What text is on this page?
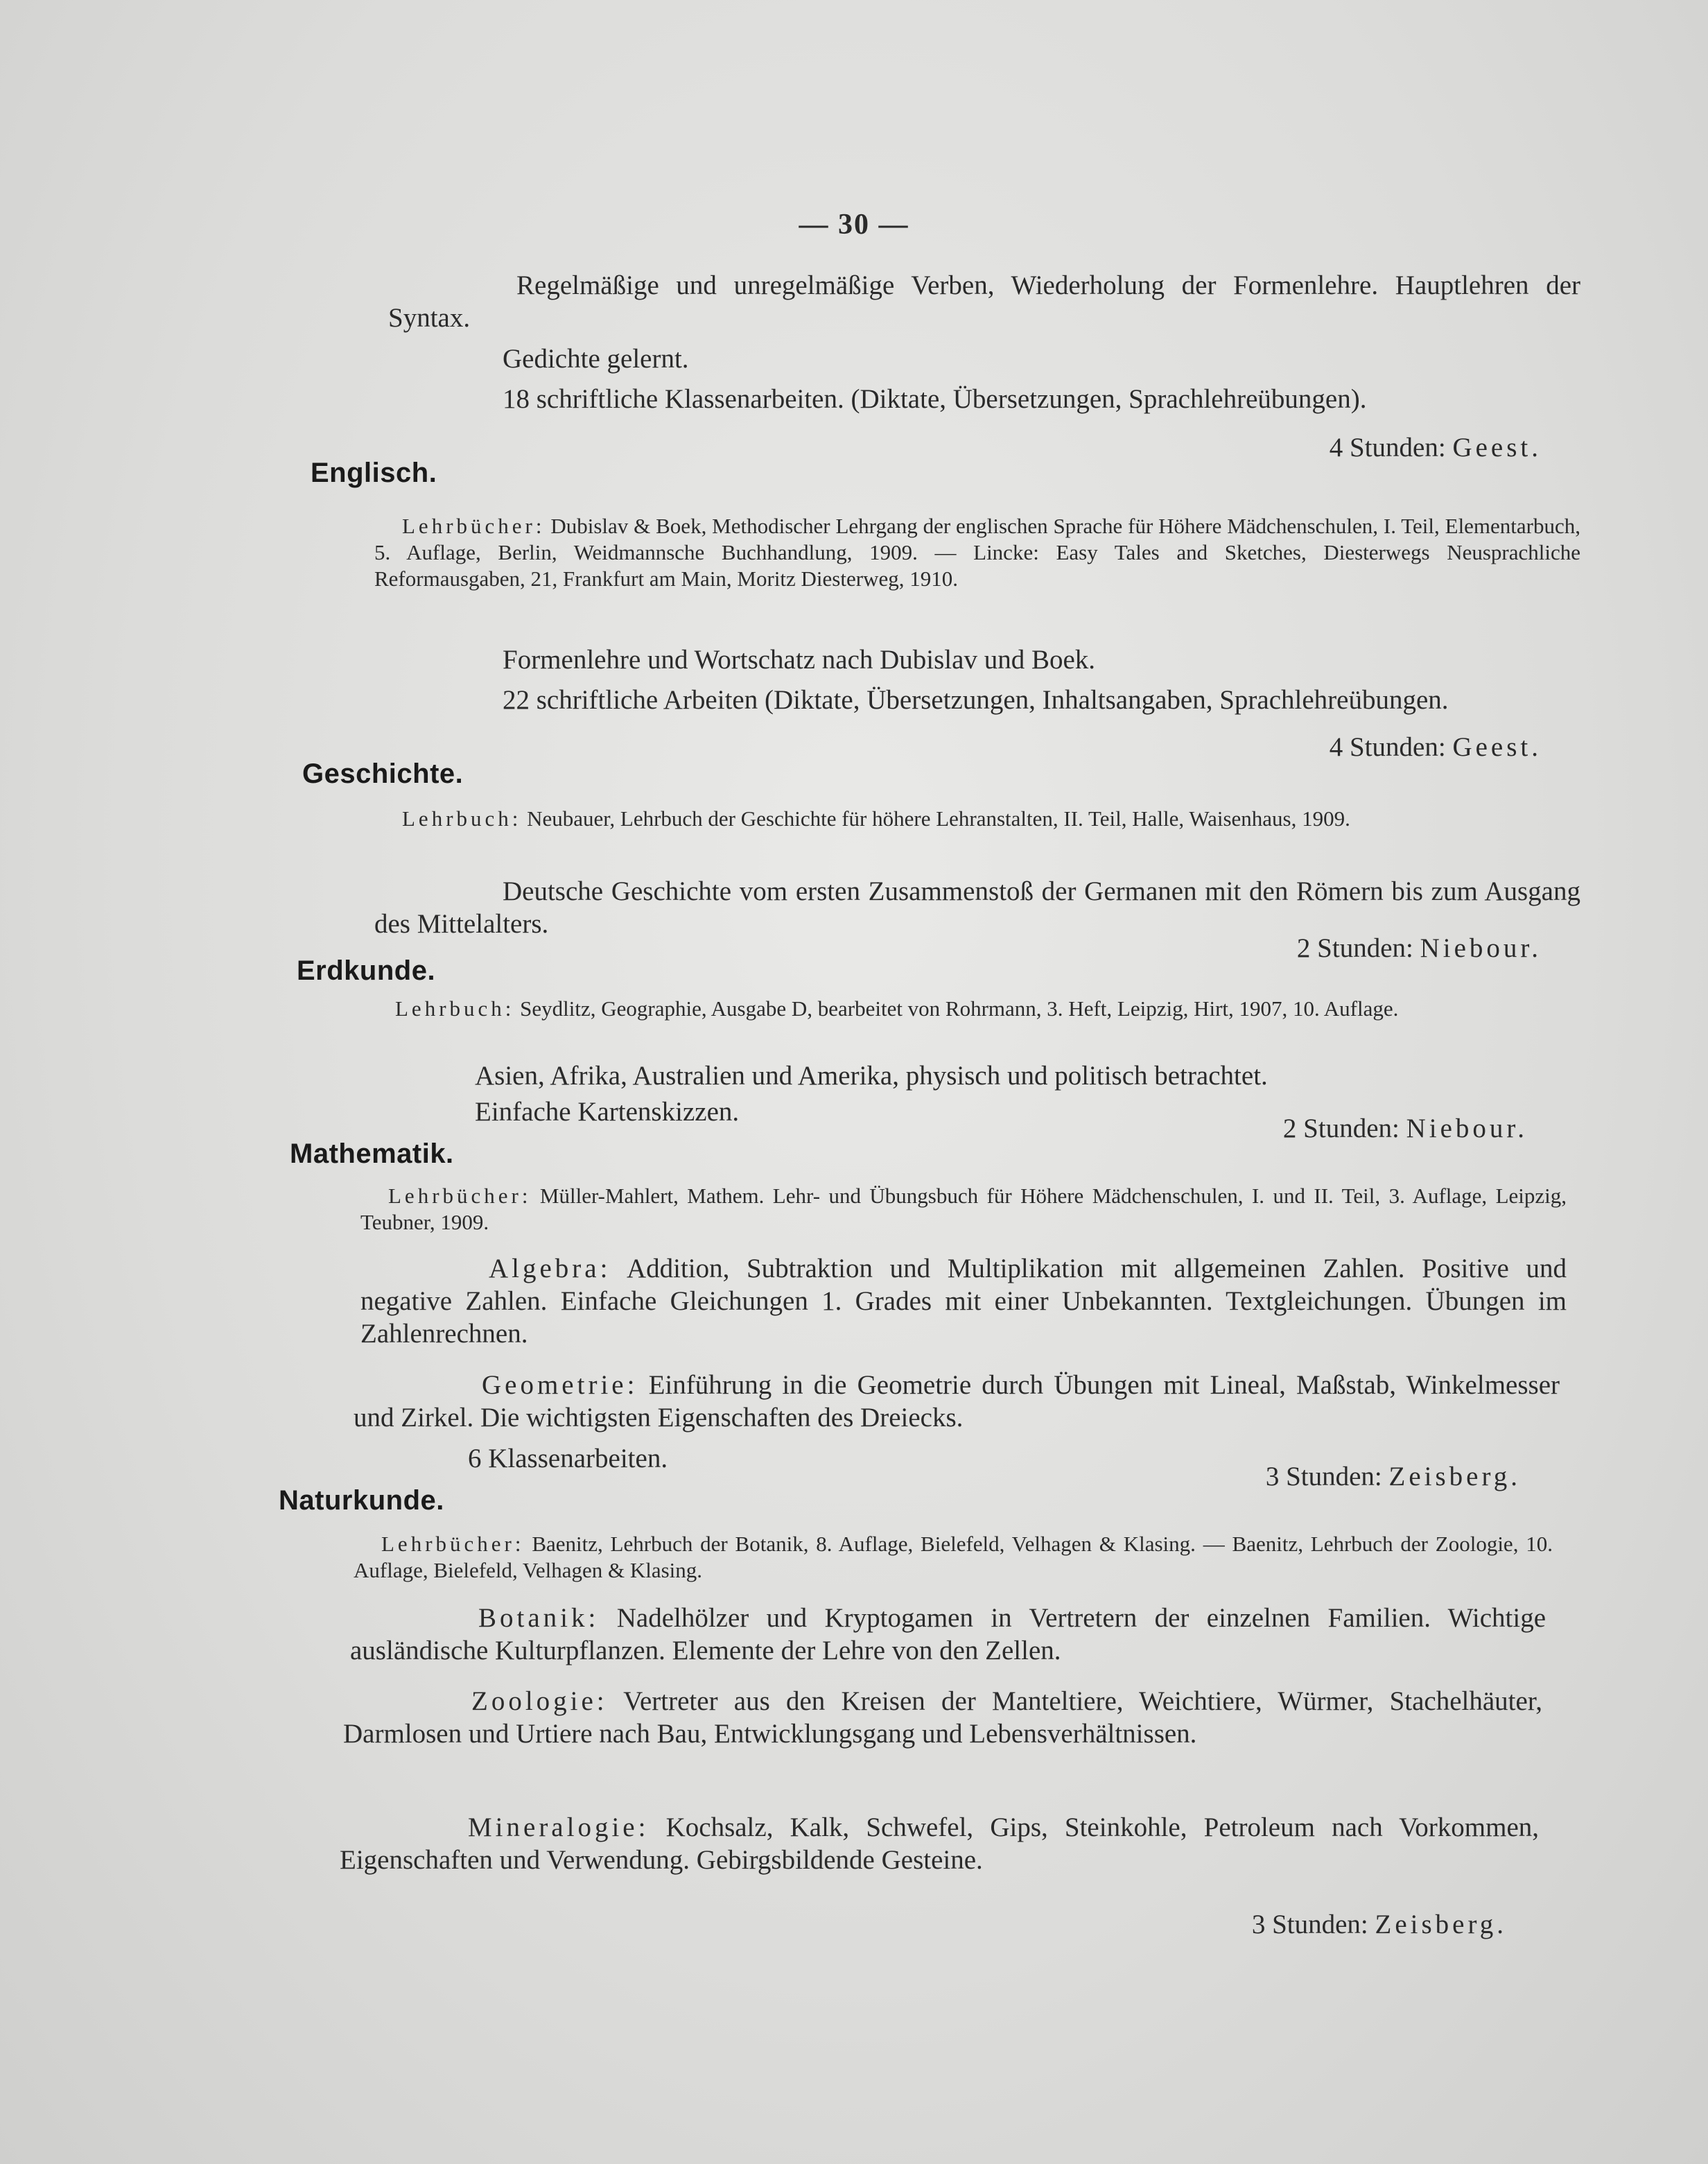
— 30 —
Regelmäßige und unregelmäßige Verben, Wiederholung der Formenlehre. Hauptlehren der Syntax.
Gedichte gelernt.
18 schriftliche Klassenarbeiten. (Diktate, Übersetzungen, Sprachlehreübungen).
4 Stunden: Geest.
Englisch.
Lehrbücher: Dubislav & Boek, Methodischer Lehrgang der englischen Sprache für Höhere Mädchenschulen, I. Teil, Elementarbuch, 5. Auflage, Berlin, Weidmannsche Buchhandlung, 1909. — Lincke: Easy Tales and Sketches, Diesterwegs Neusprachliche Reformausgaben, 21, Frankfurt am Main, Moritz Diesterweg, 1910.
Formenlehre und Wortschatz nach Dubislav und Boek.
22 schriftliche Arbeiten (Diktate, Übersetzungen, Inhaltsangaben, Sprachlehreübungen.
4 Stunden: Geest.
Geschichte.
Lehrbuch: Neubauer, Lehrbuch der Geschichte für höhere Lehranstalten, II. Teil, Halle, Waisenhaus, 1909.
Deutsche Geschichte vom ersten Zusammenstoß der Germanen mit den Römern bis zum Ausgang des Mittelalters.
2 Stunden: Niebour.
Erdkunde.
Lehrbuch: Seydlitz, Geographie, Ausgabe D, bearbeitet von Rohrmann, 3. Heft, Leipzig, Hirt, 1907, 10. Auflage.
Asien, Afrika, Australien und Amerika, physisch und politisch betrachtet.
Einfache Kartenskizzen.
2 Stunden: Niebour.
Mathematik.
Lehrbücher: Müller-Mahlert, Mathem. Lehr- und Übungsbuch für Höhere Mädchenschulen, I. und II. Teil, 3. Auflage, Leipzig, Teubner, 1909.
Algebra: Addition, Subtraktion und Multiplikation mit allgemeinen Zahlen. Positive und negative Zahlen. Einfache Gleichungen 1. Grades mit einer Unbekannten. Textgleichungen. Übungen im Zahlenrechnen.
Geometrie: Einführung in die Geometrie durch Übungen mit Lineal, Maßstab, Winkelmesser und Zirkel. Die wichtigsten Eigenschaften des Dreiecks.
6 Klassenarbeiten.
3 Stunden: Zeisberg.
Naturkunde.
Lehrbücher: Baenitz, Lehrbuch der Botanik, 8. Auflage, Bielefeld, Velhagen & Klasing. — Baenitz, Lehrbuch der Zoologie, 10. Auflage, Bielefeld, Velhagen & Klasing.
Botanik: Nadelhölzer und Kryptogamen in Vertretern der einzelnen Familien. Wichtige ausländische Kulturpflanzen. Elemente der Lehre von den Zellen.
Zoologie: Vertreter aus den Kreisen der Manteltiere, Weichtiere, Würmer, Stachelhäuter, Darmlosen und Urtiere nach Bau, Entwicklungsgang und Lebensverhältnissen.
Mineralogie: Kochsalz, Kalk, Schwefel, Gips, Steinkohle, Petroleum nach Vorkommen, Eigenschaften und Verwendung. Gebirgsbildende Gesteine.
3 Stunden: Zeisberg.
